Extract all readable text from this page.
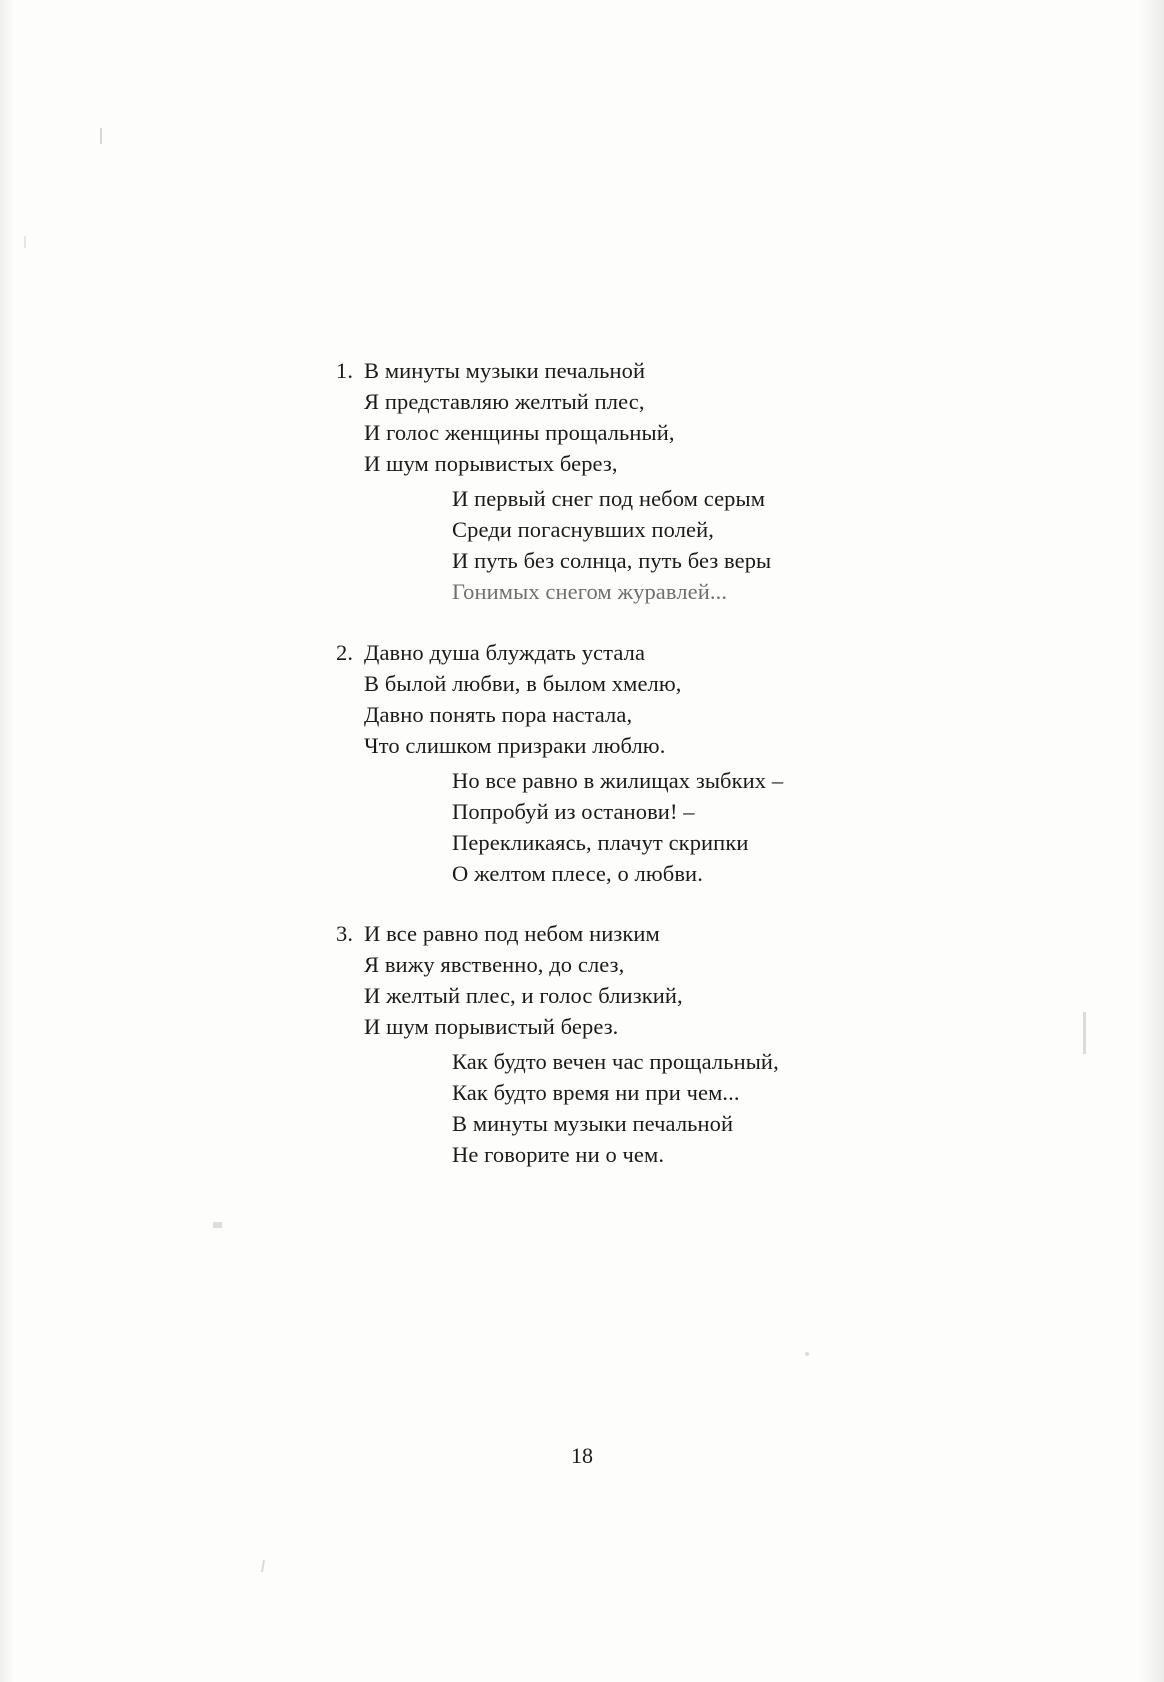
1. В минуты музыки печальной
Я представляю желтый плес,
И голос женщины прощальный,
И шум порывистых берез,
И первый снег под небом серым
Среди погаснувших полей,
И путь без солнца, путь без веры
Гонимых снегом журавлей...
2. Давно душа блуждать устала
В былой любви, в былом хмелю,
Давно понять пора настала,
Что слишком призраки люблю.
Но все равно в жилищах зыбких –
Попробуй из останови! –
Перекликаясь, плачут скрипки
О желтом плесе, о любви.
3. И все равно под небом низким
Я вижу явственно, до слез,
И желтый плес, и голос близкий,
И шум порывистый берез.
Как будто вечен час прощальный,
Как будто время ни при чем...
В минуты музыки печальной
Не говорите ни о чем.
18
